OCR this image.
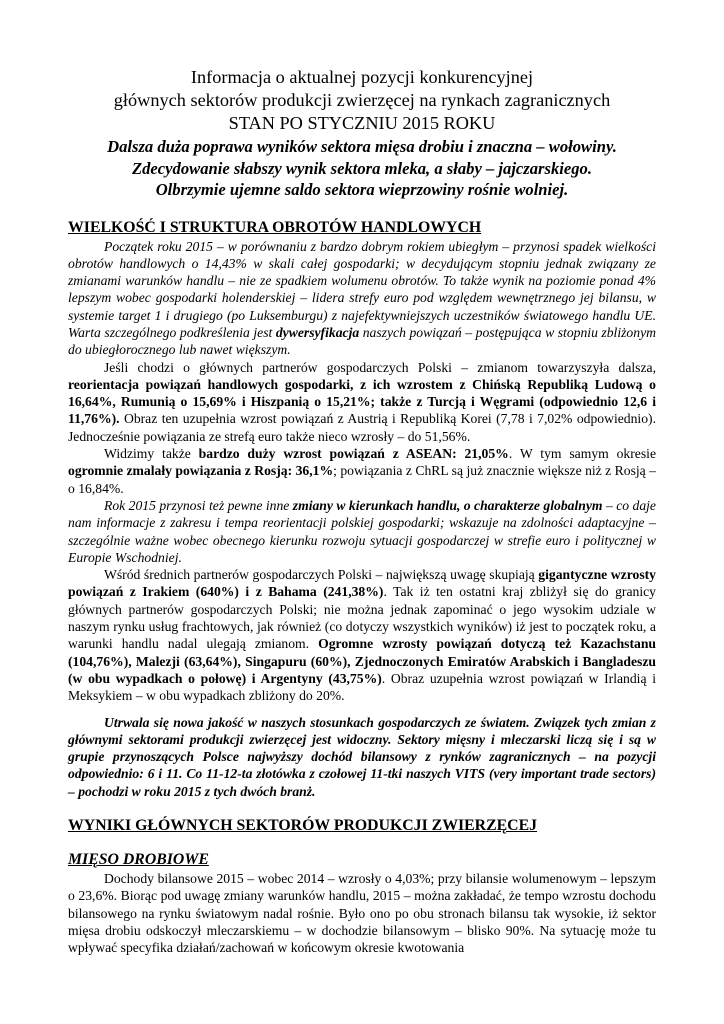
Informacja o aktualnej pozycji konkurencyjnej
głównych sektorów produkcji zwierzęcej na rynkach zagranicznych
STAN PO STYCZNIU 2015 ROKU
Dalsza duża poprawa wyników sektora mięsa drobiu i znaczna – wołowiny.
Zdecydowanie słabszy wynik sektora mleka, a słaby – jajczarskiego.
Olbrzymie ujemne saldo sektora wieprzowiny rośnie wolniej.
WIELKOŚĆ I STRUKTURA OBROTÓW HANDLOWYCH

Początek roku 2015 – w porównaniu z bardzo dobrym rokiem ubiegłym – przynosi spadek wielkości obrotów handlowych o 14,43% w skali całej gospodarki; w decydującym stopniu jednak związany ze zmianami warunków handlu – nie ze spadkiem wolumenu obrotów. To także wynik na poziomie ponad 4% lepszym wobec gospodarki holenderskiej – lidera strefy euro pod względem wewnętrznego jej bilansu, w systemie target 1 i drugiego (po Luksemburgu) z najefektywniejszych uczestników światowego handlu UE. Warta szczególnego podkreślenia jest dywersyfikacja naszych powiązań – postępująca w stopniu zbliżonym do ubiegłorocznego lub nawet większym.

Jeśli chodzi o głównych partnerów gospodarczych Polski – zmianom towarzyszyła dalsza, reorientacja powiązań handlowych gospodarki, z ich wzrostem z Chińską Republiką Ludową o 16,64%, Rumunią o 15,69% i Hiszpanią o 15,21%; także z Turcją i Węgrami (odpowiednio 12,6 i 11,76%). Obraz ten uzupełnia wzrost powiązań z Austrią i Republiką Korei (7,78 i 7,02% odpowiednio). Jednocześnie powiązania ze strefą euro także nieco wzrosły – do 51,56%.

Widzimy także bardzo duży wzrost powiązań z ASEAN: 21,05%. W tym samym okresie ogromnie zmalały powiązania z Rosją: 36,1%; powiązania z ChRL są już znacznie większe niż z Rosją – o 16,84%.

Rok 2015 przynosi też pewne inne zmiany w kierunkach handlu, o charakterze globalnym – co daje nam informacje z zakresu i tempa reorientacji polskiej gospodarki; wskazuje na zdolności adaptacyjne – szczególnie ważne wobec obecnego kierunku rozwoju sytuacji gospodarczej w strefie euro i politycznej w Europie Wschodniej.

Wśród średnich partnerów gospodarczych Polski – największą uwagę skupiają gigantyczne wzrosty powiązań z Irakiem (640%) i z Bahama (241,38%). Tak iż ten ostatni kraj zbliżył się do granicy głównych partnerów gospodarczych Polski; nie można jednak zapominać o jego wysokim udziale w naszym rynku usług frachtowych, jak również (co dotyczy wszystkich wyników) iż jest to początek roku, a warunki handlu nadal ulegają zmianom. Ogromne wzrosty powiązań dotyczą też Kazachstanu (104,76%), Malezji (63,64%), Singapuru (60%), Zjednoczonych Emiratów Arabskich i Bangladeszu (w obu wypadkach o połowę) i Argentyny (43,75%). Obraz uzupełnia wzrost powiązań w Irlandią i Meksykiem – w obu wypadkach zbliżony do 20%.

Utrwala się nowa jakość w naszych stosunkach gospodarczych ze światem. Związek tych zmian z głównymi sektorami produkcji zwierzęcej jest widoczny. Sektory mięsny i mleczarski liczą się i są w grupie przynoszących Polsce najwyższy dochód bilansowy z rynków zagranicznych – na pozycji odpowiednio: 6 i 11. Co 11-12-ta złotówka z czołowej 11-tki naszych VITS (very important trade sectors) – pochodzi w roku 2015 z tych dwóch branż.

WYNIKI GŁÓWNYCH SEKTORÓW PRODUKCJI ZWIERZĘCEJ
MIĘSO DROBIOWE

Dochody bilansowe 2015 – wobec 2014 – wzrosły o 4,03%; przy bilansie wolumenowym – lepszym o 23,6%. Biorąc pod uwagę zmiany warunków handlu, 2015 – można zakładać, że tempo wzrostu dochodu bilansowego na rynku światowym nadal rośnie. Było ono po obu stronach bilansu tak wysokie, iż sektor mięsa drobiu odskoczył mleczarskiemu – w dochodzie bilansowym – blisko 90%. Na sytuację może tu wpływać specyfika działań/zachowań w końcowym okresie kwotowania
